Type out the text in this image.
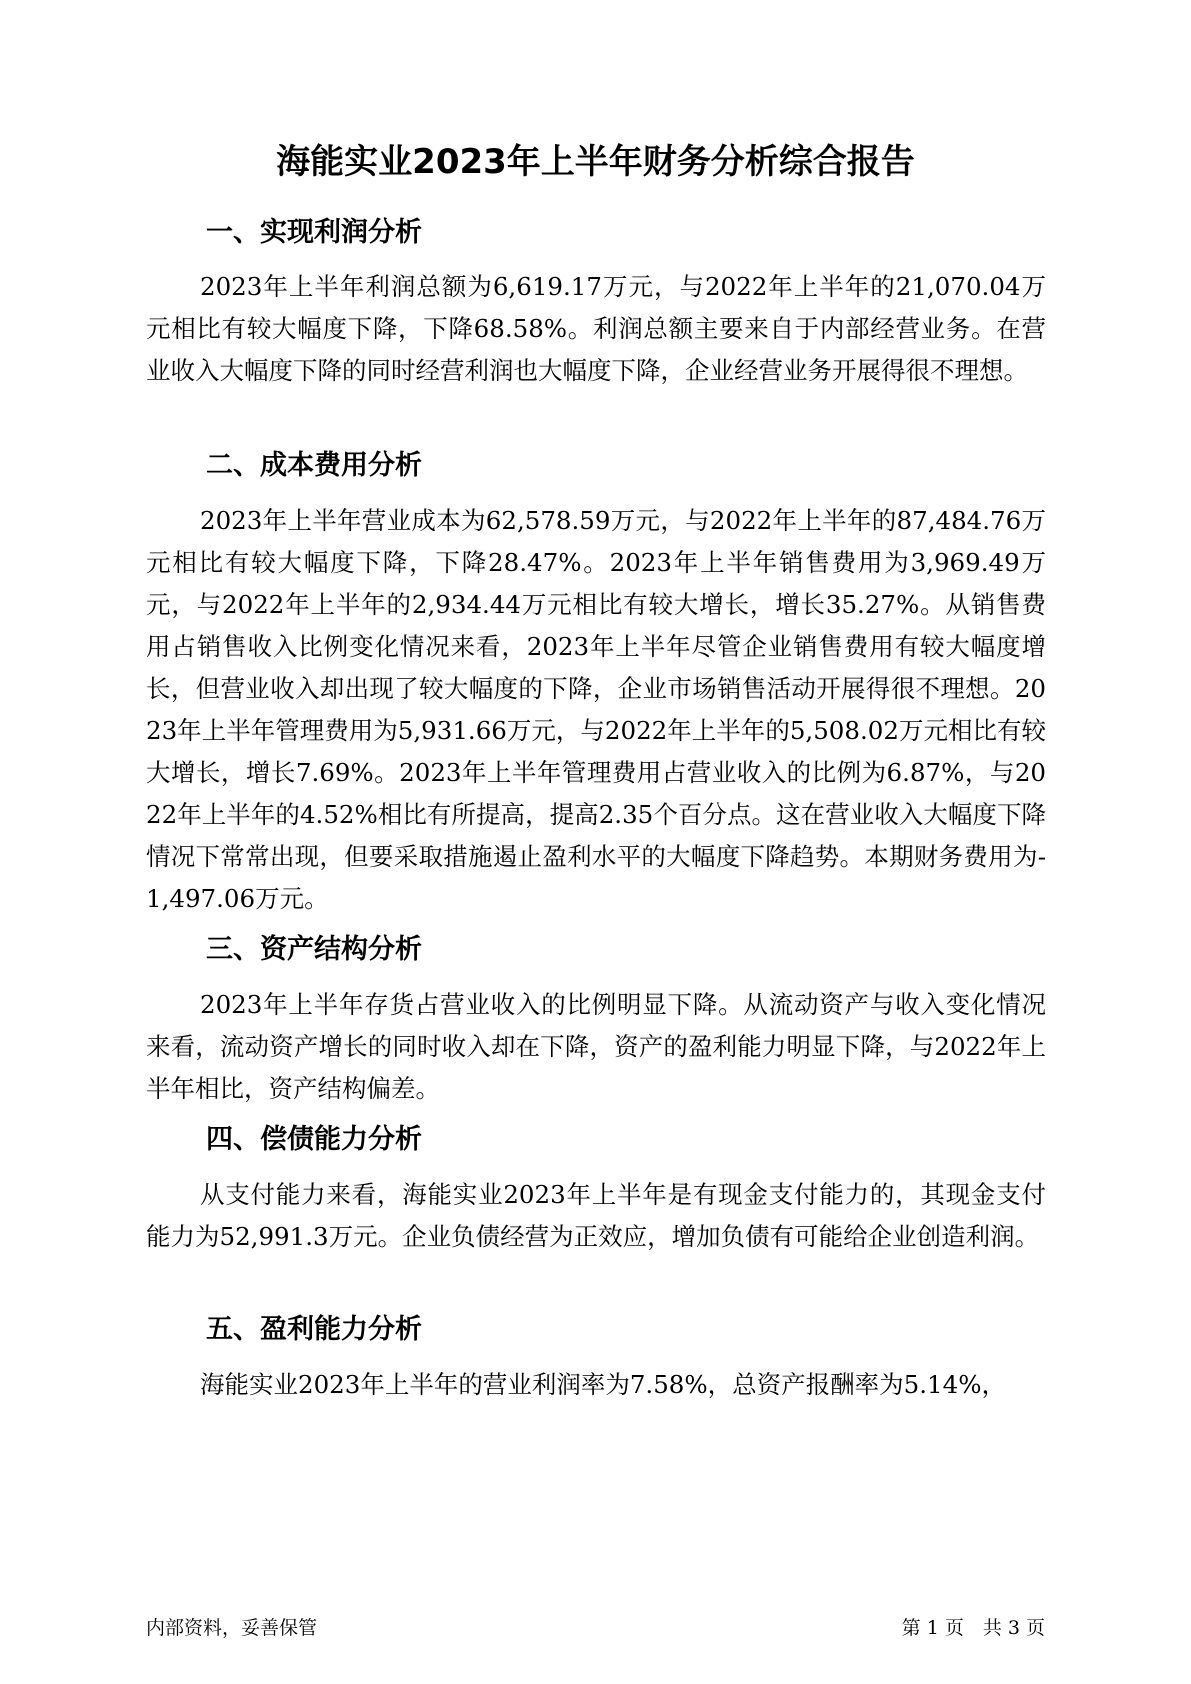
海能实业2023年上半年财务分析综合报告
一、实现利润分析

2023年上半年利润总额为6,619.17万元，与2022年上半年的21,070.04万元相比有较大幅度下降，下降68.58%。利润总额主要来自于内部经营业务。在营业收入大幅度下降的同时经营利润也大幅度下降，企业经营业务开展得很不理想。

二、成本费用分析

2023年上半年营业成本为62,578.59万元，与2022年上半年的87,484.76万元相比有较大幅度下降，下降28.47%。2023年上半年销售费用为3,969.49万元，与2022年上半年的2,934.44万元相比有较大增长，增长35.27%。从销售费用占销售收入比例变化情况来看，2023年上半年尽管企业销售费用有较大幅度增长，但营业收入却出现了较大幅度的下降，企业市场销售活动开展得很不理想。2023年上半年管理费用为5,931.66万元，与2022年上半年的5,508.02万元相比有较大增长，增长7.69%。2023年上半年管理费用占营业收入的比例为6.87%，与2022年上半年的4.52%相比有所提高，提高2.35个百分点。这在营业收入大幅度下降情况下常常出现，但要采取措施遏止盈利水平的大幅度下降趋势。本期财务费用为-1,497.06万元。

三、资产结构分析

2023年上半年存货占营业收入的比例明显下降。从流动资产与收入变化情况来看，流动资产增长的同时收入却在下降，资产的盈利能力明显下降，与2022年上半年相比，资产结构偏差。

四、偿债能力分析

从支付能力来看，海能实业2023年上半年是有现金支付能力的，其现金支付能力为52,991.3万元。企业负债经营为正效应，增加负债有可能给企业创造利润。

五、盈利能力分析

海能实业2023年上半年的营业利润率为7.58%，总资产报酬率为5.14%，

内部资料，妥善保管	第 1 页　共 3 页
